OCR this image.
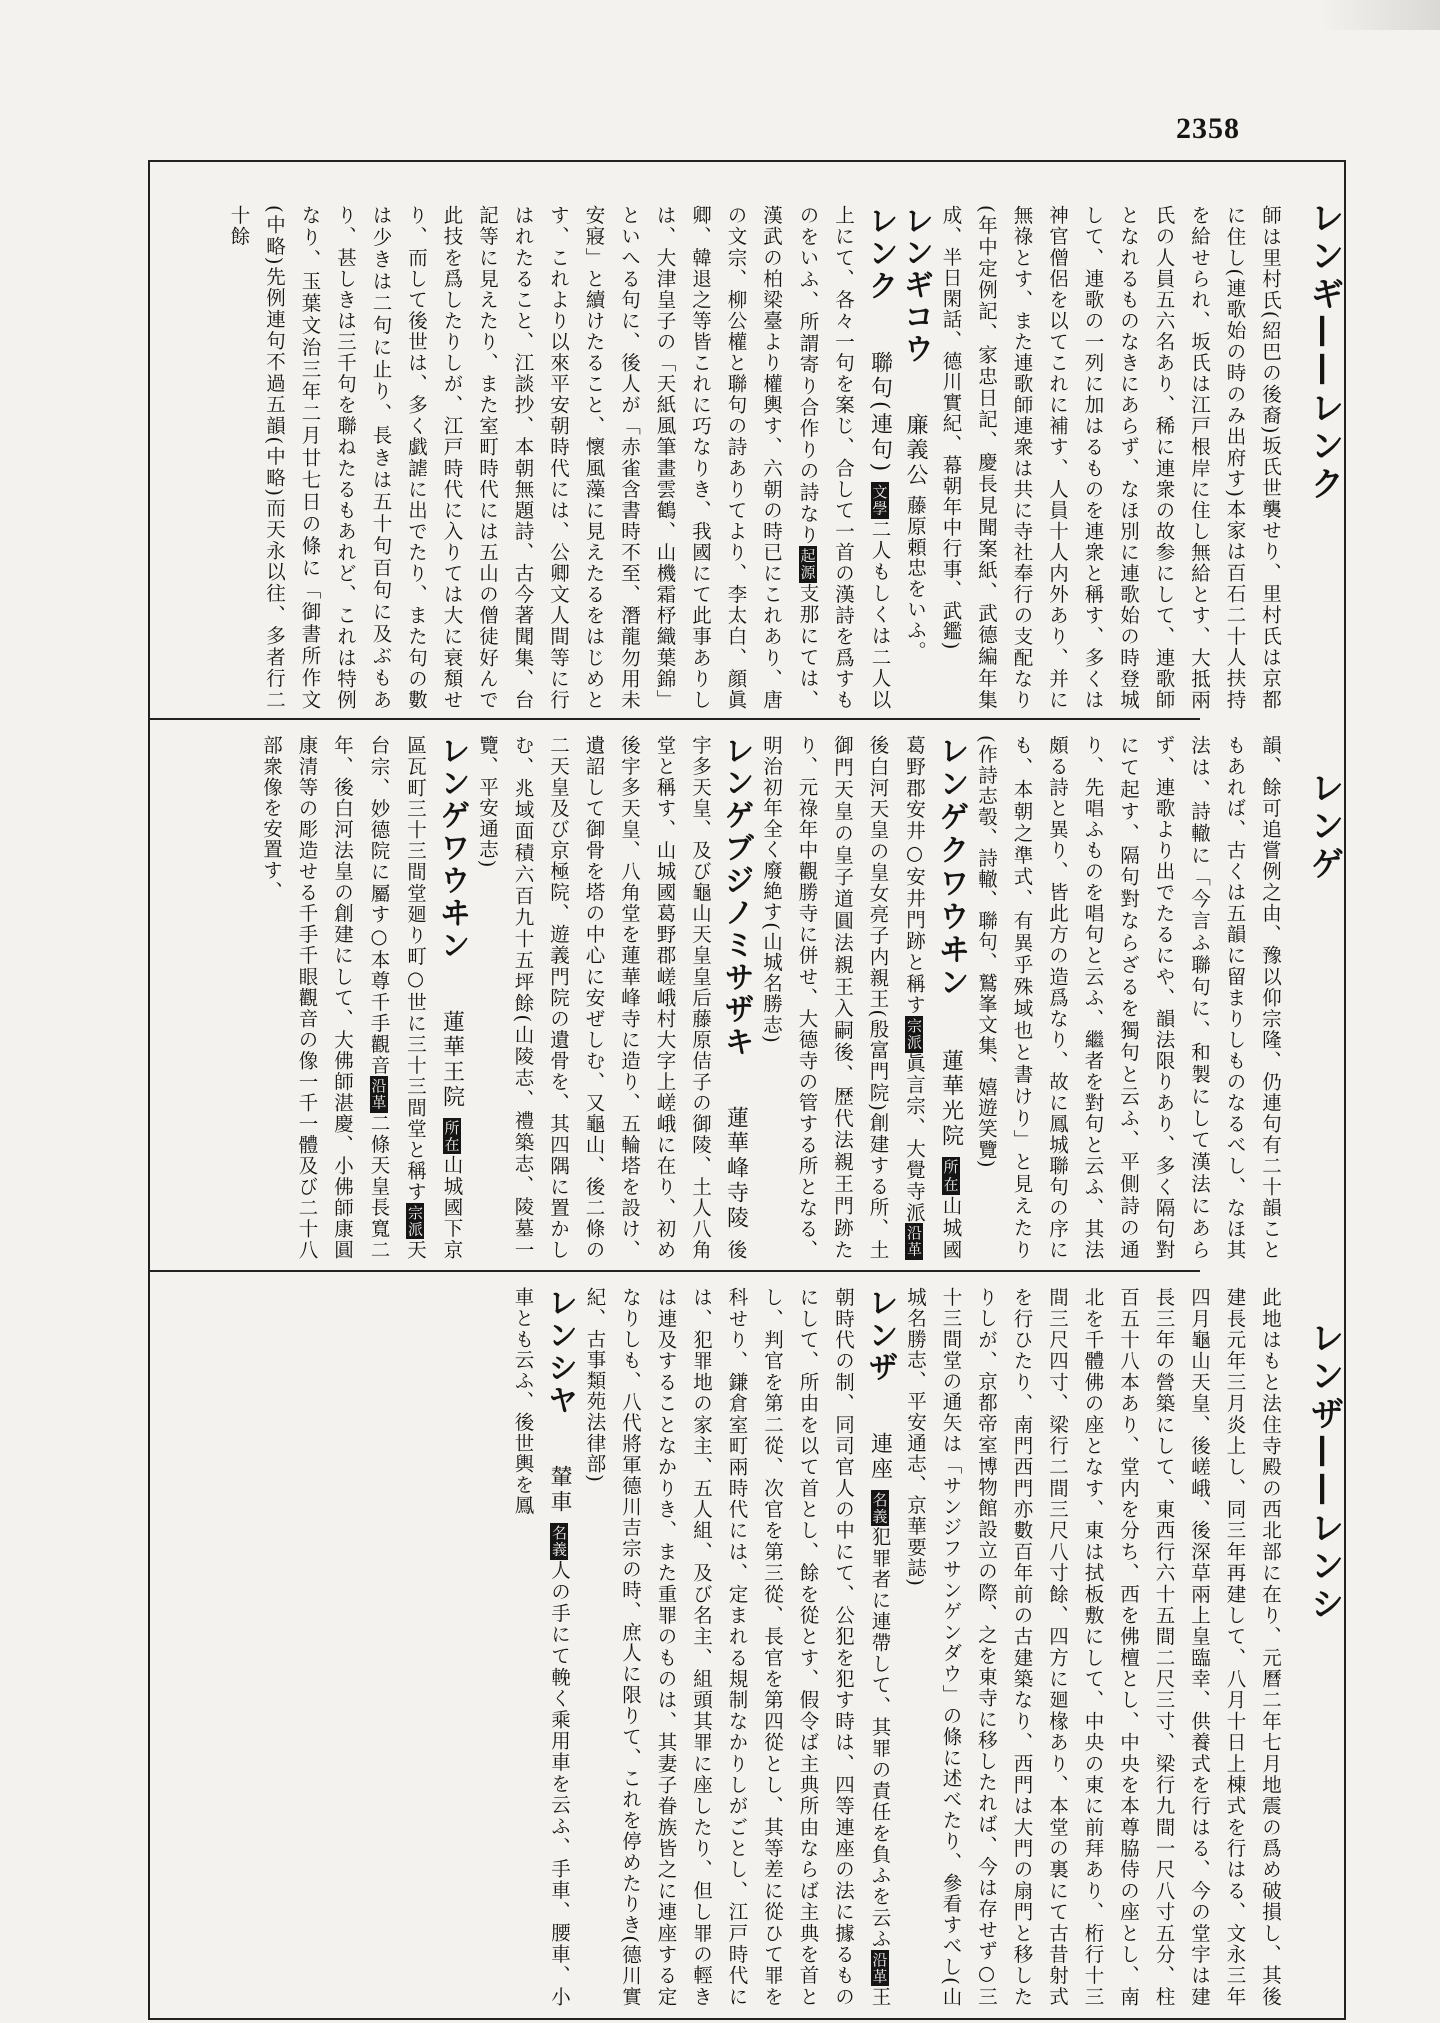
2358
レンギ——レンク
レンゲ
レンザ——レンシ
師は里村氏(紹巴の後裔)坂氏世襲せり、里村氏は京都に住し(連歌始の時のみ出府す)本家は百石二十人扶持を給せられ、坂氏は江戸根岸に住し無給とす、大抵兩氏の人員五六名あり、稀に連衆の故参にして、連歌師となれるものなきにあらず、なほ別に連歌始の時登城して、連歌の一列に加はるものを連衆と稱す、多くは神官僧侶を以てこれに補す、人員十人内外あり、并に無祿とす、また連歌師連衆は共に寺社奉行の支配なり(年中定例記、家忠日記、慶長見聞案紙、武德編年集成、半日閑話、德川實紀、幕朝年中行事、武鑑)
レンギコウ 廉義公 藤原頼忠をいふ。
レンク 聯句(連句) 文學二人もしくは二人以上にて、各々一句を案じ、合して一首の漢詩を爲すものをいふ、所謂寄り合作りの詩なり起源支那にては、漢武の柏梁臺より權輿す、六朝の時已にこれあり、唐の文宗、柳公權と聯句の詩ありてより、李太白、顔眞卿、韓退之等皆これに巧なりき、我國にて此事ありしは、大津皇子の「天紙風筆畫雲鶴、山機霜杼織葉錦」といへる句に、後人が「赤雀含書時不至、潛龍勿用未安寢」と續けたること、懷風藻に見えたるをはじめとす、これより以來平安朝時代には、公卿文人間等に行はれたること、江談抄、本朝無題詩、古今著聞集、台記等に見えたり、また室町時代には五山の僧徒好んで此技を爲したりしが、江戸時代に入りては大に衰頽せり、而して後世は、多く戯謔に出でたり、また句の數は少きは二句に止り、長きは五十句百句に及ぶもあり、甚しきは三千句を聯ねたるもあれど、これは特例なり、玉葉文治三年二月廿七日の條に「御書所作文(中略)先例連句不過五韻(中略)而天永以往、多者行二十餘
韻、餘可追嘗例之由、豫以仰宗隆、仍連句有二十韻こともあれば、古くは五韻に留まりしものなるべし、なほ其法は、詩轍に「今言ふ聯句に、和製にして漢法にあらず、連歌より出でたるにや、韻法限りあり、多く隔句對にて起す、隔句對ならざるを獨句と云ふ、平側詩の通り、先唱ふものを唱句と云ふ、繼者を對句と云ふ、其法頗る詩と異り、皆此方の造爲なり、故に鳳城聯句の序にも、本朝之準式、有異乎殊域也と書けり」と見えたり(作詩志彀、詩轍、聯句、鷲峯文集、嬉遊笑覽)
レンゲクワウヰン 蓮華光院 所在山城國葛野郡安井○安井門跡と稱す宗派眞言宗、大覺寺派沿革後白河天皇の皇女亮子内親王(殷富門院)創建する所、土御門天皇の皇子道圓法親王入嗣後、歴代法親王門跡たり、元祿年中觀勝寺に併せ、大德寺の管する所となる、明治初年全く廢絶す(山城名勝志)
レンゲブジノミサザキ 蓮華峰寺陵 後宇多天皇、及び龜山天皇皇后藤原佶子の御陵、土人八角堂と稱す、山城國葛野郡嵯峨村大字上嵯峨に在り、初め後宇多天皇、八角堂を蓮華峰寺に造り、五輪塔を設け、遺詔して御骨を塔の中心に安ぜしむ、又龜山、後二條の二天皇及び京極院、遊義門院の遺骨を、其四隅に置かしむ、兆域面積六百九十五坪餘(山陵志、禮築志、陵墓一覽、平安通志)
レンゲワウヰン 蓮華王院 所在山城國下京區瓦町三十三間堂廻り町○世に三十三間堂と稱す宗派天台宗、妙德院に屬す○本尊千手觀音沿革二條天皇長寬二年、後白河法皇の創建にして、大佛師湛慶、小佛師康圓康清等の彫造せる千手千眼觀音の像一千一體及び二十八部衆像を安置す、
此地はもと法住寺殿の西北部に在り、元曆二年七月地震の爲め破損し、其後建長元年三月炎上し、同三年再建して、八月十日上棟式を行はる、文永三年四月龜山天皇、後嵯峨、後深草兩上皇臨幸、供養式を行はる、今の堂宇は建長三年の營築にして、東西行六十五間二尺三寸、梁行九間一尺八寸五分、柱百五十八本あり、堂内を分ち、西を佛檀とし、中央を本尊脇侍の座とし、南北を千體佛の座となす、東は拭板敷にして、中央の東に前拜あり、桁行十三間三尺四寸、梁行二間三尺八寸餘、四方に廻椽あり、本堂の裏にて古昔射式を行ひたり、南門西門亦數百年前の古建築なり、西門は大門の扇門と移したりしが、京都帝室博物館設立の際、之を東寺に移したれば、今は存せず○三十三間堂の通矢は「サンジフサンゲンダウ」の條に述べたり、參看すべし(山城名勝志、平安通志、京華要誌)
レンザ 連座 名義犯罪者に連帶して、其罪の責任を負ふを云ふ沿革王朝時代の制、同司官人の中にて、公犯を犯す時は、四等連座の法に據るものにして、所由を以て首とし、餘を從とす、假令ば主典所由ならば主典を首とし、判官を第二從、次官を第三從、長官を第四從とし、其等差に從ひて罪を科せり、鎌倉室町兩時代には、定まれる規制なかりしがごとし、江戸時代には、犯罪地の家主、五人組、及び名主、組頭其罪に座したり、但し罪の輕きは連及することなかりき、また重罪のものは、其妻子眷族皆之に連座する定なりしも、八代將軍德川吉宗の時、庶人に限りて、これを停めたりき(德川實紀、古事類苑法律部)
レンシヤ 輦車 名義人の手にて輓く乘用車を云ふ、手車、腰車、小車とも云ふ、後世輿を鳳
